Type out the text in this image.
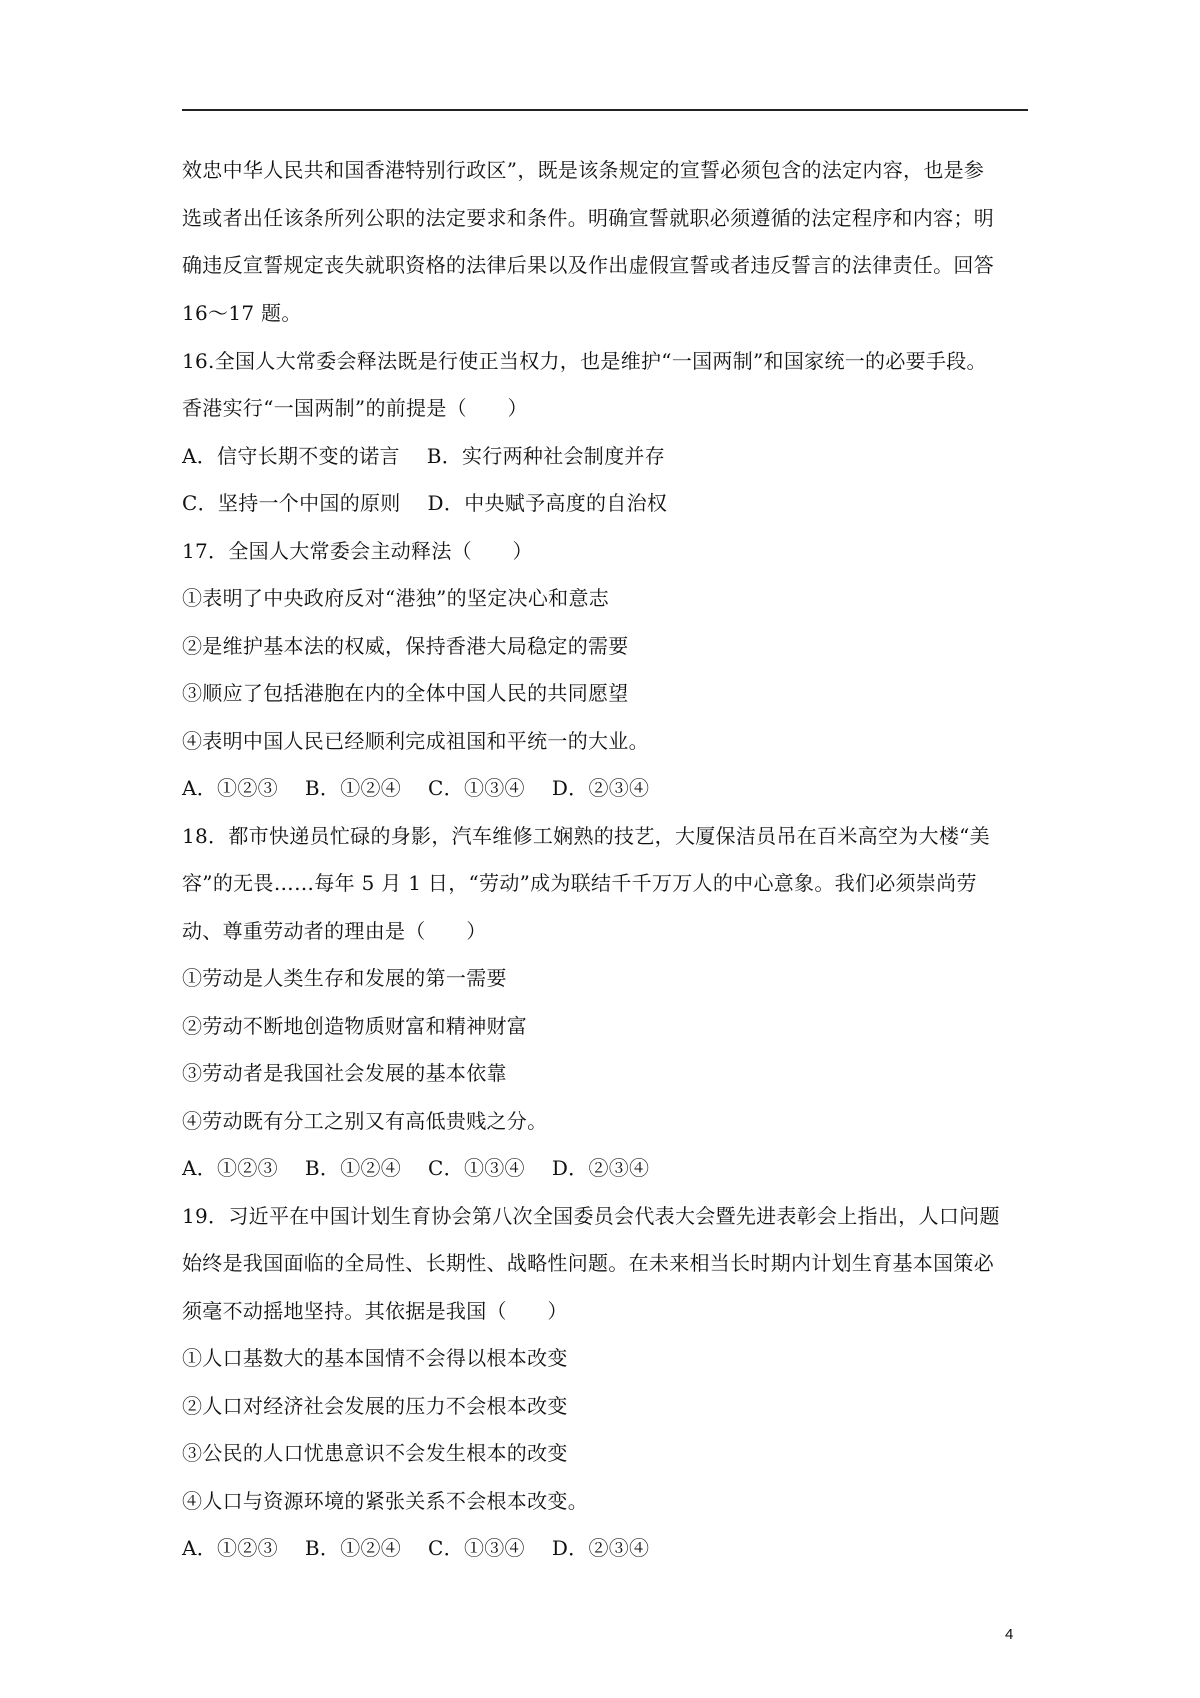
效忠中华人民共和国香港特别行政区”，既是该条规定的宣誓必须包含的法定内容，也是参
选或者出任该条所列公职的法定要求和条件。明确宣誓就职必须遵循的法定程序和内容；明
确违反宣誓规定丧失就职资格的法律后果以及作出虚假宣誓或者违反誓言的法律责任。回答
16～17 题。
16.全国人大常委会释法既是行使正当权力，也是维护“一国两制”和国家统一的必要手段。
香港实行“一国两制”的前提是（　　）
A．信守长期不变的诺言　 B．实行两种社会制度并存
C．坚持一个中国的原则　 D．中央赋予高度的自治权
17．全国人大常委会主动释法（　　）
①表明了中央政府反对“港独”的坚定决心和意志
②是维护基本法的权威，保持香港大局稳定的需要
③顺应了包括港胞在内的全体中国人民的共同愿望
④表明中国人民已经顺利完成祖国和平统一的大业。
A．①②③　 B．①②④　 C．①③④　 D．②③④
18．都市快递员忙碌的身影，汽车维修工娴熟的技艺，大厦保洁员吊在百米高空为大楼“美
容”的无畏……每年 5 月 1 日，“劳动”成为联结千千万万人的中心意象。我们必须崇尚劳
动、尊重劳动者的理由是（　　）
①劳动是人类生存和发展的第一需要
②劳动不断地创造物质财富和精神财富
③劳动者是我国社会发展的基本依靠
④劳动既有分工之别又有高低贵贱之分。
A．①②③　 B．①②④　 C．①③④　 D．②③④
19．习近平在中国计划生育协会第八次全国委员会代表大会暨先进表彰会上指出，人口问题
始终是我国面临的全局性、长期性、战略性问题。在未来相当长时期内计划生育基本国策必
须毫不动摇地坚持。其依据是我国（　　）
①人口基数大的基本国情不会得以根本改变
②人口对经济社会发展的压力不会根本改变
③公民的人口忧患意识不会发生根本的改变
④人口与资源环境的紧张关系不会根本改变。
A．①②③　 B．①②④　 C．①③④　 D．②③④
4
